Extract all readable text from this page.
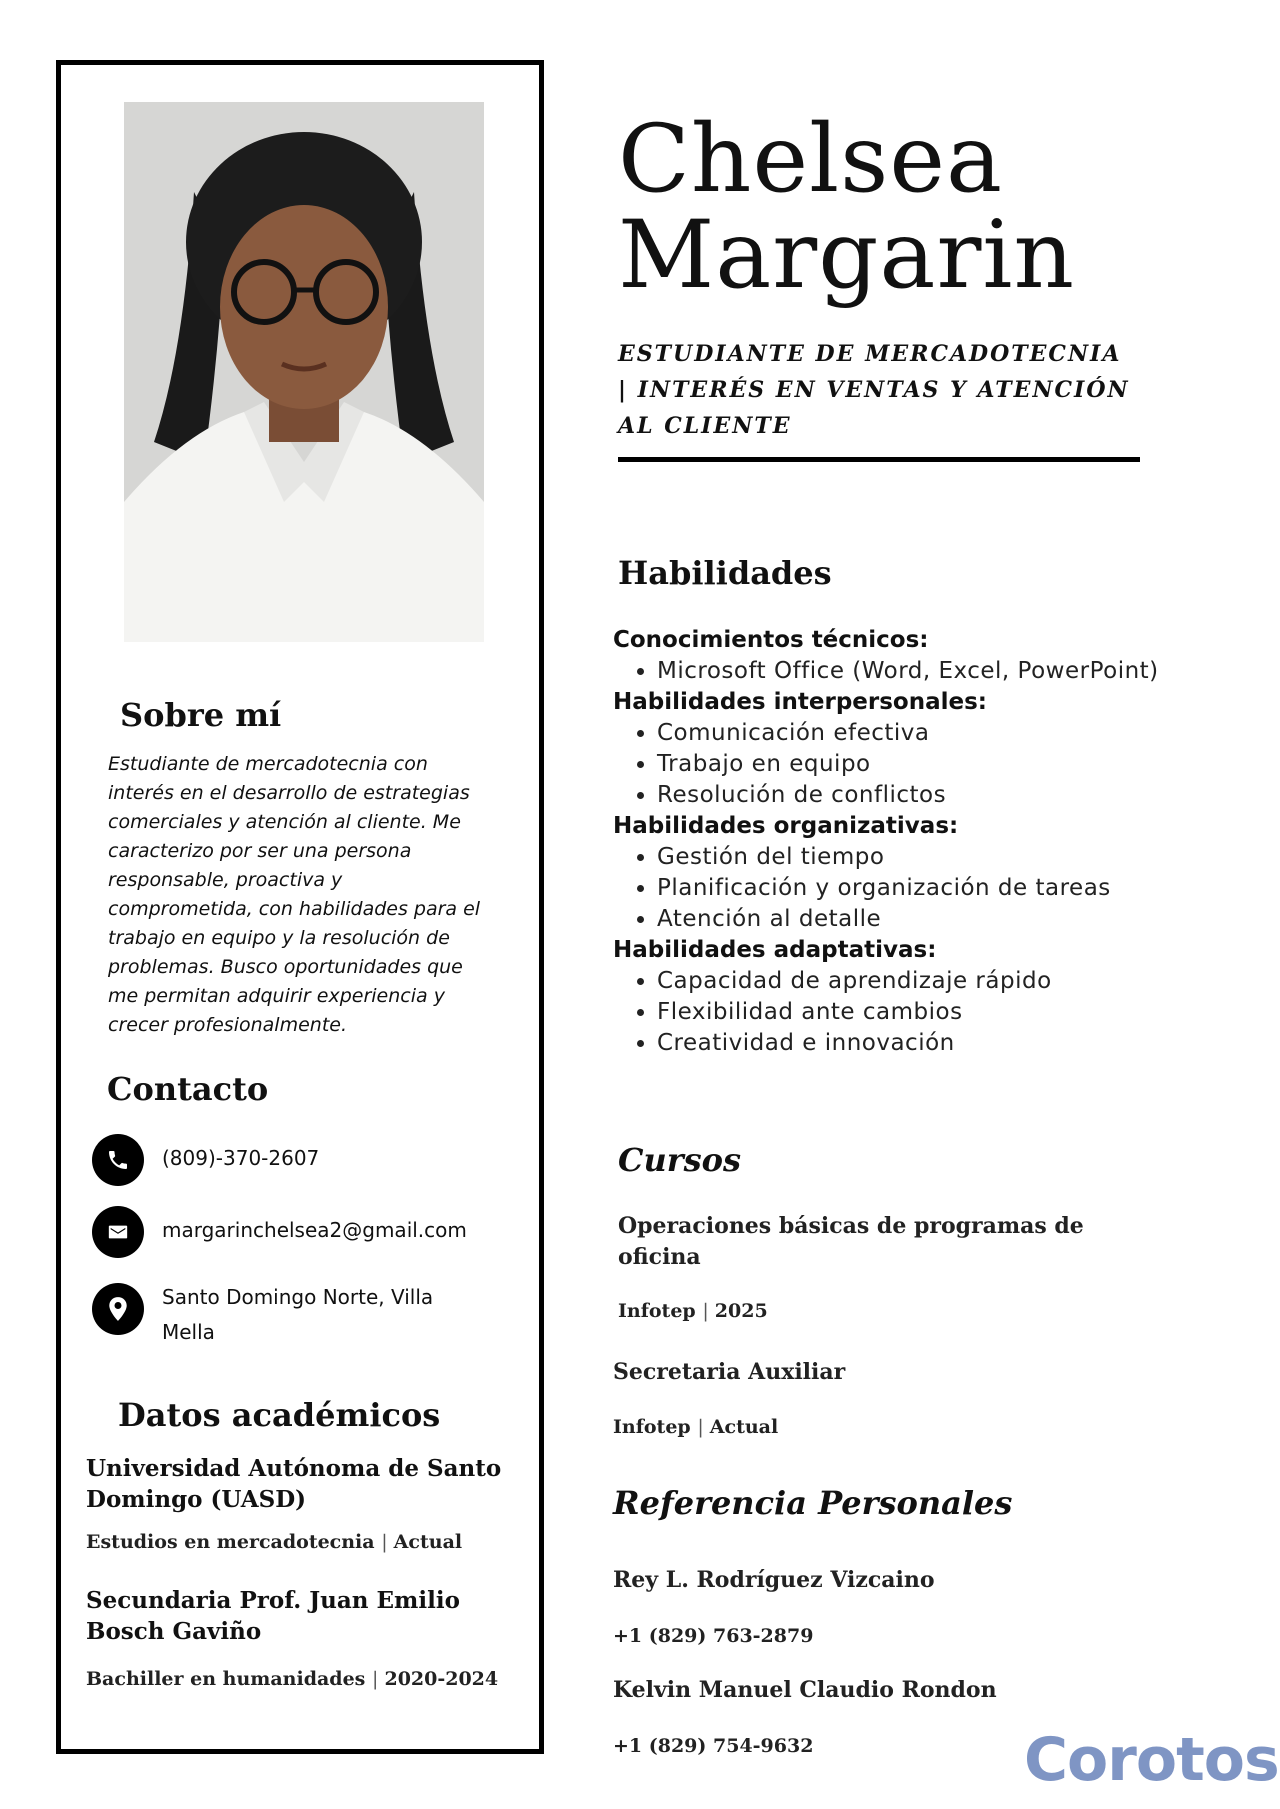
Sobre mí
Estudiante de mercadotecnia con interés en el desarrollo de estrategias comerciales y atención al cliente. Me caracterizo por ser una persona responsable, proactiva y comprometida, con habilidades para el trabajo en equipo y la resolución de problemas. Busco oportunidades que me permitan adquirir experiencia y crecer profesionalmente.
Contacto
(809)-370-2607
margarinchelsea2@gmail.com
Santo Domingo Norte, Villa Mella
Datos académicos
Universidad Autónoma de Santo Domingo (UASD)
Estudios en mercadotecnia | Actual
Secundaria Prof. Juan Emilio Bosch Gaviño
Bachiller en humanidades | 2020-2024
Chelsea
Margarin
ESTUDIANTE DE MERCADOTECNIA | INTERÉS EN VENTAS Y ATENCIÓN AL CLIENTE
Habilidades
Conocimientos técnicos:
• Microsoft Office (Word, Excel, PowerPoint)
Habilidades interpersonales:
• Comunicación efectiva
• Trabajo en equipo
• Resolución de conflictos
Habilidades organizativas:
• Gestión del tiempo
• Planificación y organización de tareas
• Atención al detalle
Habilidades adaptativas:
• Capacidad de aprendizaje rápido
• Flexibilidad ante cambios
• Creatividad e innovación
Cursos
Operaciones básicas de programas de oficina
Infotep | 2025
Secretaria Auxiliar
Infotep | Actual
Referencia Personales
Rey L. Rodríguez Vizcaino
+1 (829) 763-2879
Kelvin Manuel Claudio Rondon
+1 (829) 754-9632	Corotos
